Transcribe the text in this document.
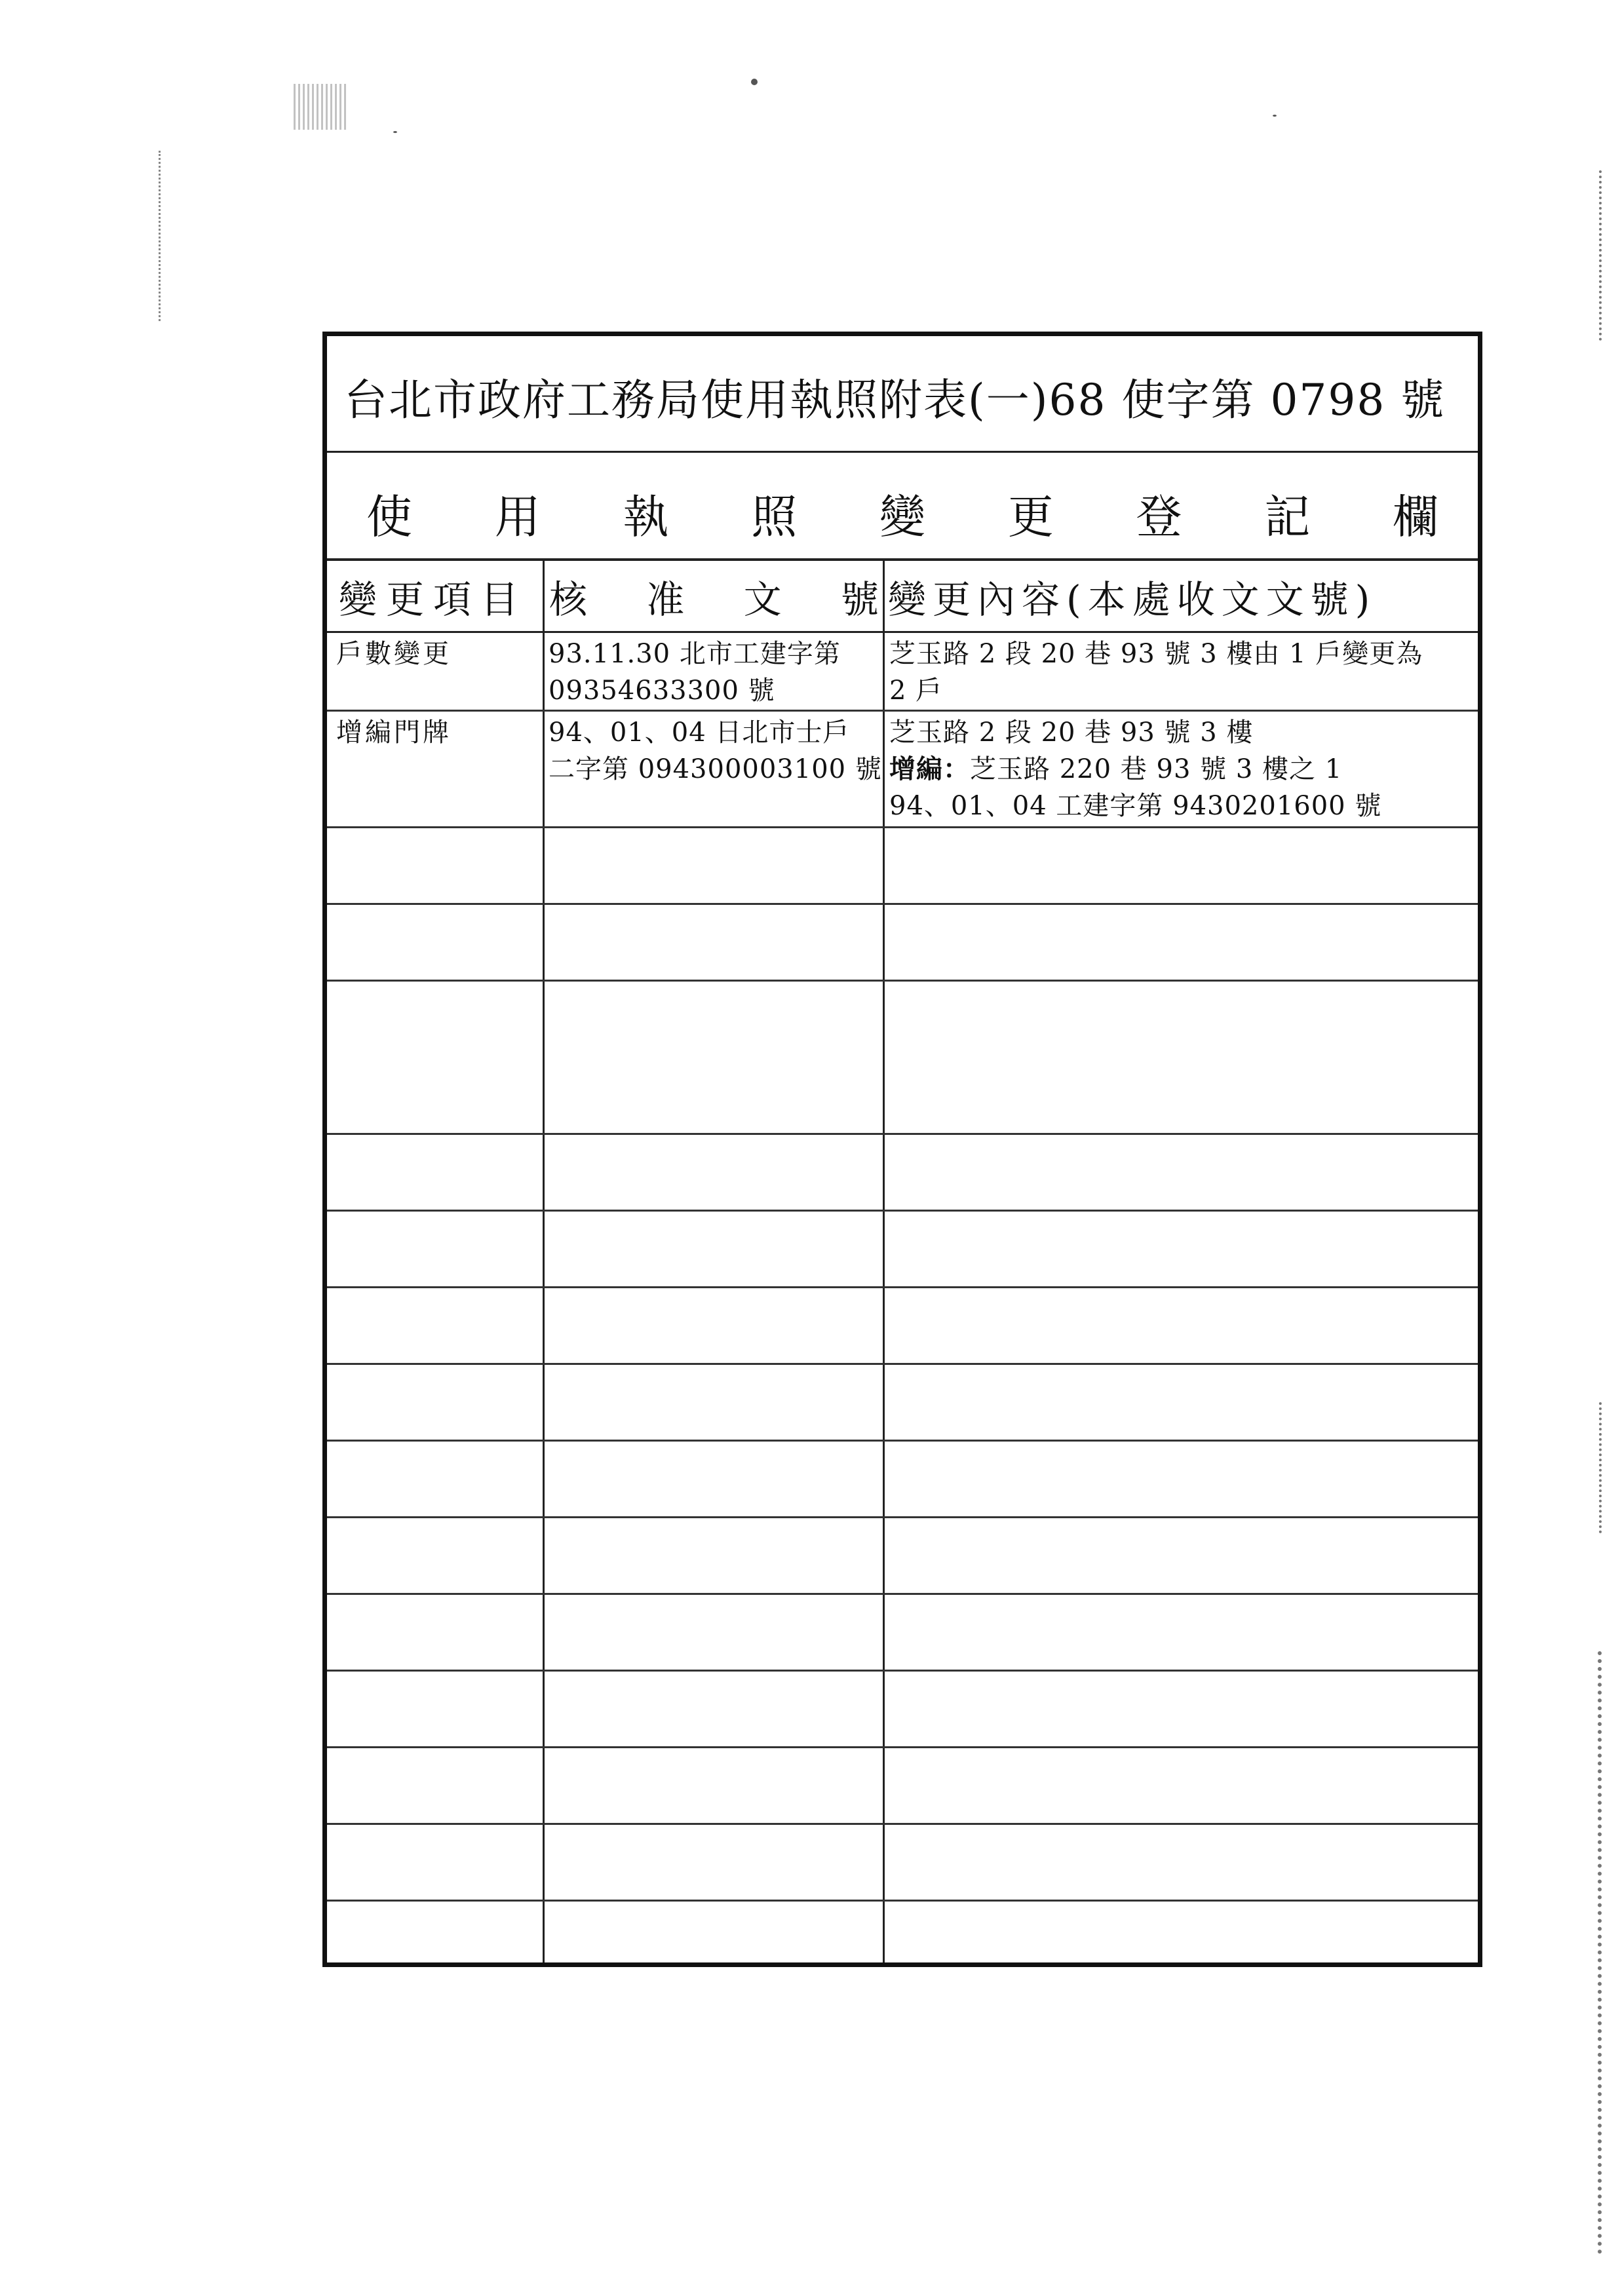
台北市政府工務局使用執照附表(一)68 使字第 0798 號
使 用 執 照 變 更 登 記 欄
變更項目 核 准 文 號 變更內容(本處收文文號)
戶數變更	93.11.30 北市工建字第
09354633300 號
芝玉路 2 段 20 巷 93 號 3 樓由 1 戶變更為
2 戶
增編門牌	94、01、04 日北市士戶
二字第 094300003100 號
芝玉路 2 段 20 巷 93 號 3 樓
增編：芝玉路 220 巷 93 號 3 樓之 1
94、01、04 工建字第 9430201600 號
